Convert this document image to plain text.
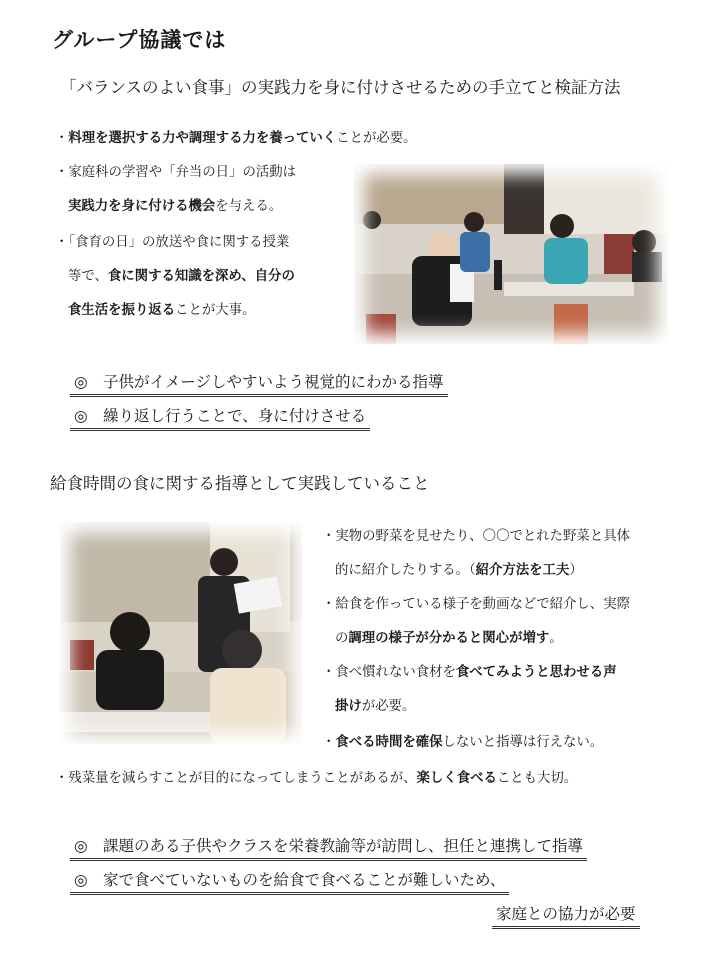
グループ協議では
「バランスのよい食事」の実践力を身に付けさせるための手立てと検証方法
・料理を選択する力や調理する力を養っていくことが必要。
・家庭科の学習や「弁当の日」の活動は
実践力を身に付ける機会を与える。
・「食育の日」の放送や食に関する授業
等で、食に関する知識を深め、自分の
食生活を振り返ることが大事。
◎　子供がイメージしやすいよう視覚的にわかる指導
◎　繰り返し行うことで、身に付けさせる
給食時間の食に関する指導として実践していること
・実物の野菜を見せたり、〇〇でとれた野菜と具体
的に紹介したりする。（紹介方法を工夫）
・給食を作っている様子を動画などで紹介し、実際
の調理の様子が分かると関心が増す。
・食べ慣れない食材を食べてみようと思わせる声
掛けが必要。
・食べる時間を確保しないと指導は行えない。
・残菜量を減らすことが目的になってしまうことがあるが、楽しく食べることも大切。
◎　課題のある子供やクラスを栄養教諭等が訪問し、担任と連携して指導
◎　家で食べていないものを給食で食べることが難しいため、
家庭との協力が必要
